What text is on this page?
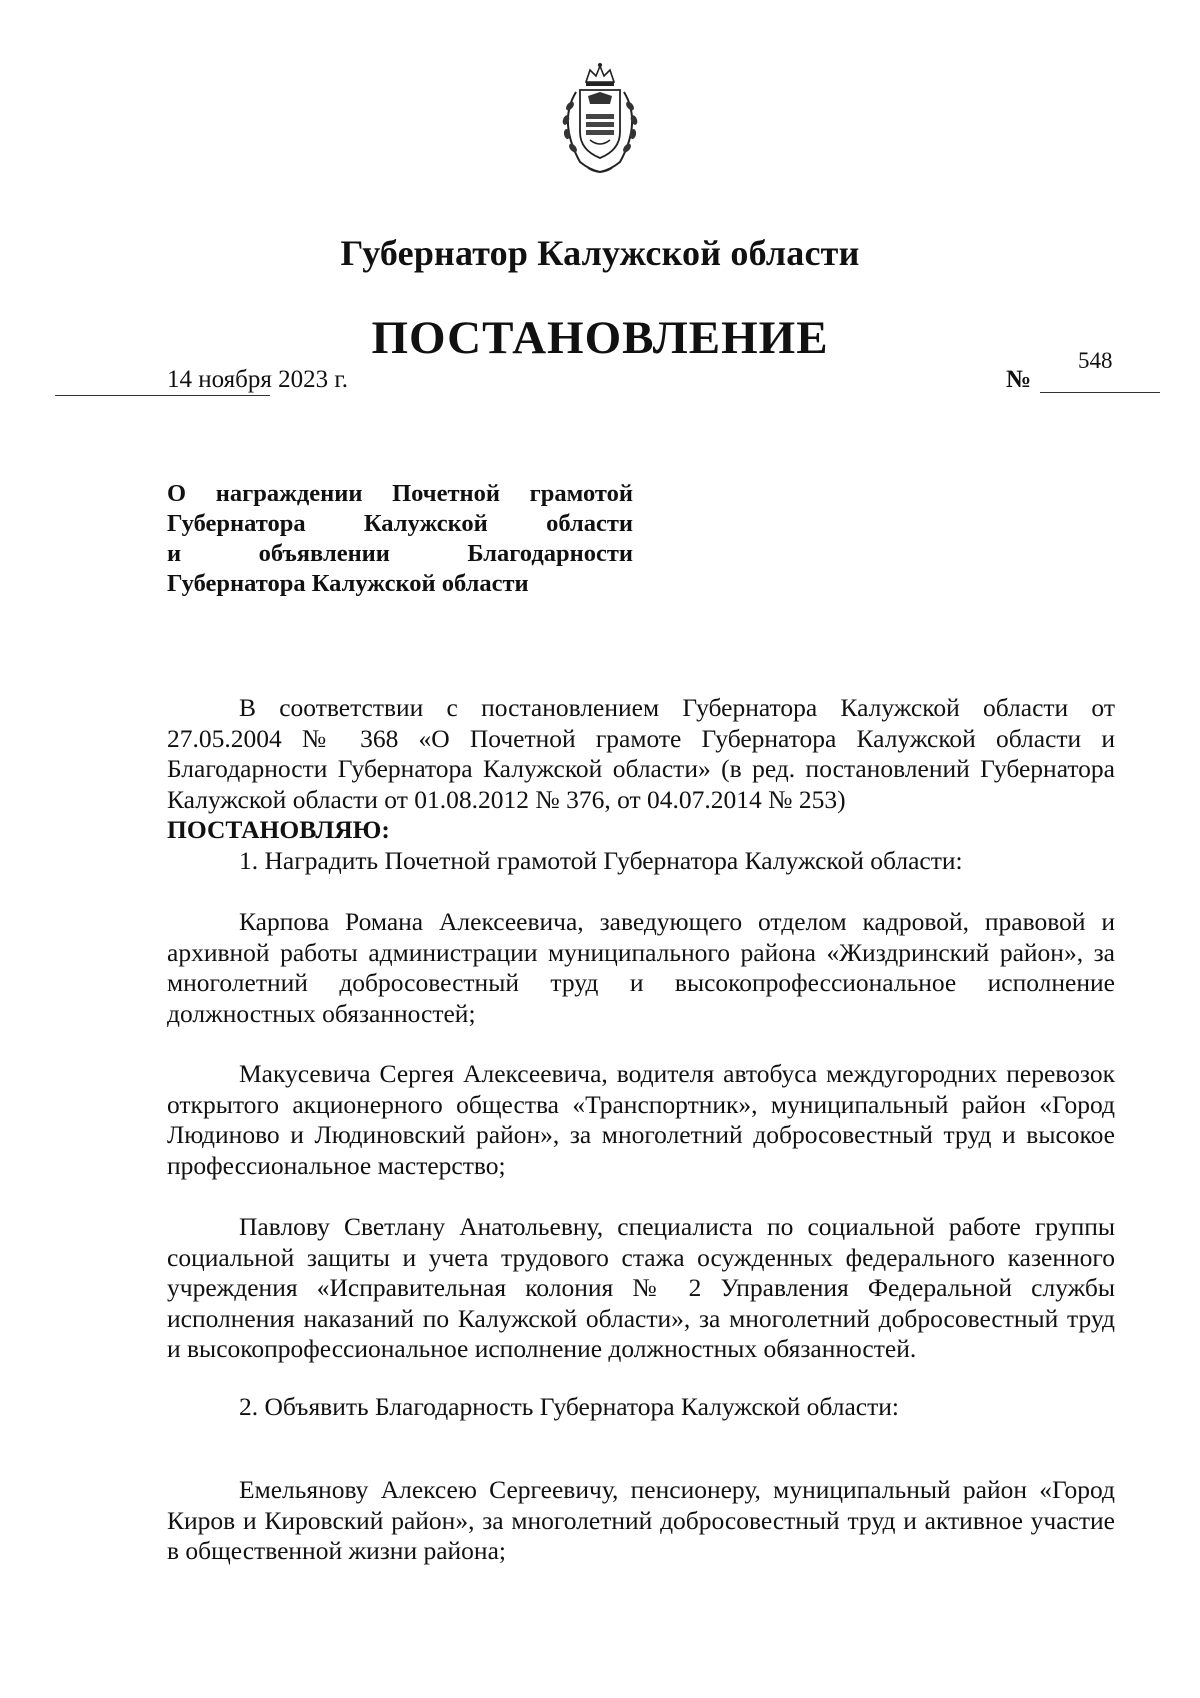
Губернатор Калужской области
ПОСТАНОВЛЕНИЕ
14 ноября 2023 г.	№
548
О награждении Почетной грамотой
Губернатора Калужской области
и объявлении Благодарности
Губернатора Калужской области

В соответствии с постановлением Губернатора Калужской области от 27.05.2004 № 368 «О Почетной грамоте Губернатора Калужской области и Благодарности Губернатора Калужской области» (в ред. постановлений Губернатора Калужской области от 01.08.2012 № 376, от 04.07.2014 № 253)

ПОСТАНОВЛЯЮ:

1. Наградить Почетной грамотой Губернатора Калужской области:

Карпова Романа Алексеевича, заведующего отделом кадровой, правовой и архивной работы администрации муниципального района «Жиздринский район», за многолетний добросовестный труд и высокопрофессиональное исполнение должностных обязанностей;

Макусевича Сергея Алексеевича, водителя автобуса междугородних перевозок открытого акционерного общества «Транспортник», муниципальный район «Город Людиново и Людиновский район», за многолетний добросовестный труд и высокое профессиональное мастерство;

Павлову Светлану Анатольевну, специалиста по социальной работе группы социальной защиты и учета трудового стажа осужденных федерального казенного учреждения «Исправительная колония № 2 Управления Федеральной службы исполнения наказаний по Калужской области», за многолетний добросовестный труд и высокопрофессиональное исполнение должностных обязанностей.

2. Объявить Благодарность Губернатора Калужской области:

Емельянову Алексею Сергеевичу, пенсионеру, муниципальный район «Город Киров и Кировский район», за многолетний добросовестный труд и активное участие в общественной жизни района;
